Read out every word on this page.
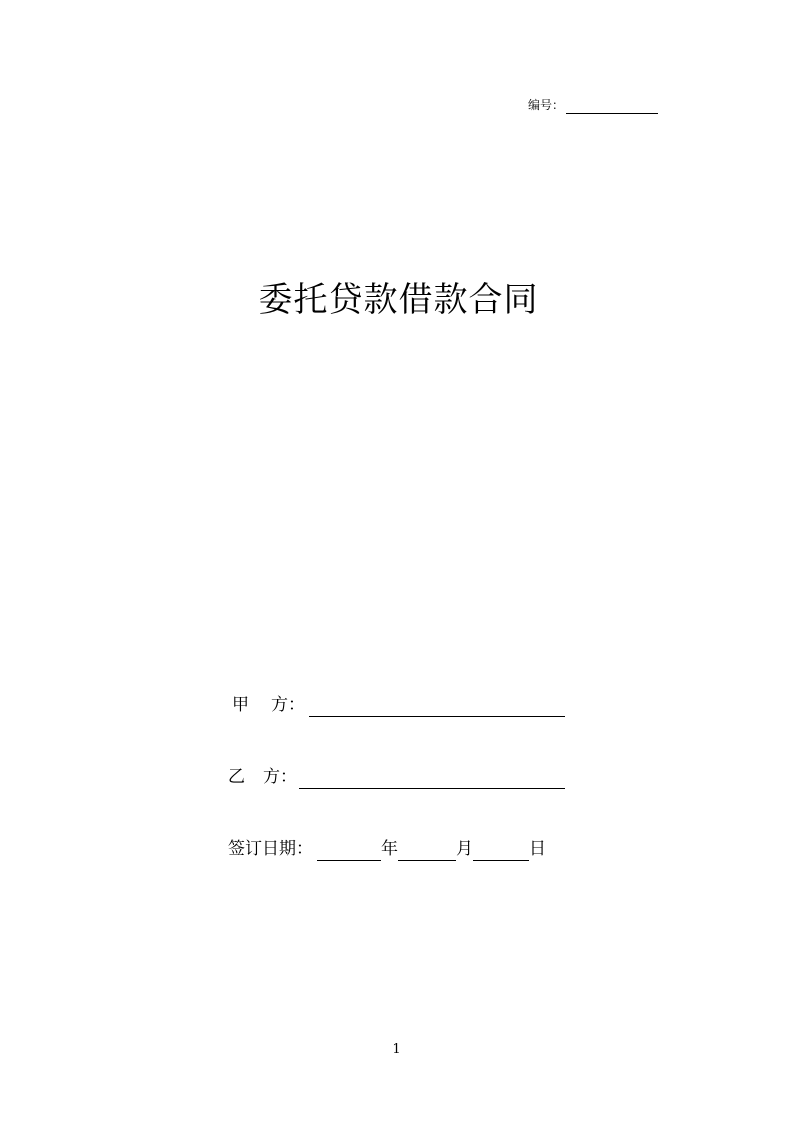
编号：
委托贷款借款合同
甲 方：
乙 方：
签订日期：	年	月	日
1
